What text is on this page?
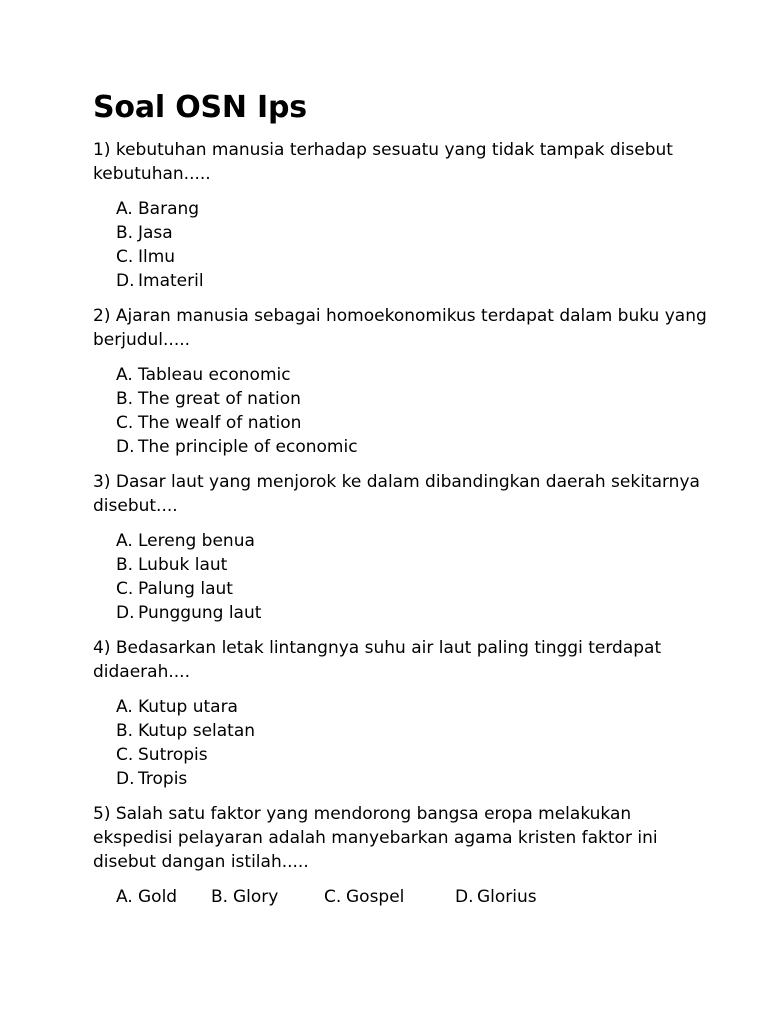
Soal OSN Ips

1) kebutuhan manusia terhadap sesuatu yang tidak tampak disebut kebutuhan.....

A. Barang
B. Jasa
C. Ilmu
D. Imateril

2) Ajaran manusia sebagai homoekonomikus terdapat dalam buku yang berjudul.....

A. Tableau economic
B. The great of nation
C. The wealf of nation
D. The principle of economic

3) Dasar laut yang menjorok ke dalam dibandingkan daerah sekitarnya disebut....

A. Lereng benua
B. Lubuk laut
C. Palung laut
D. Punggung laut

4) Bedasarkan letak lintangnya suhu air laut paling tinggi terdapat didaerah....

A. Kutup utara
B. Kutup selatan
C. Sutropis
D. Tropis

5) Salah satu faktor yang mendorong bangsa eropa melakukan ekspedisi pelayaran adalah manyebarkan agama kristen faktor ini disebut dangan istilah.....

A. Gold B. Glory	C. Gospel	D. Glorius
